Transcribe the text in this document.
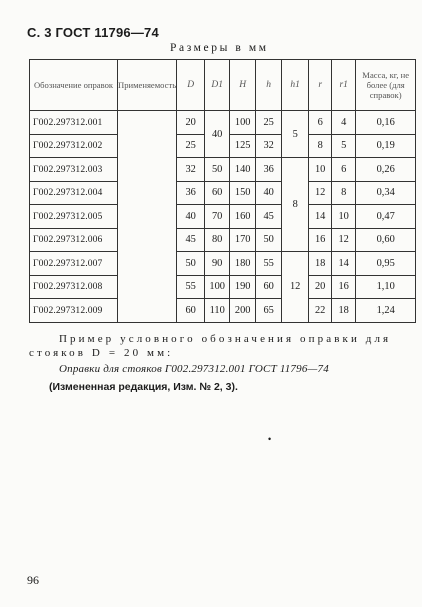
С. 3 ГОСТ 11796—74
Размеры в мм
Обозначение оправок	Применяемость	D	D1	H	h	h1	r	r1	Масса, кг, не более (для справок)
Г002.297312.001		20	40	100	25	5	6	4	0,16
Г002.297312.002		25		125	32		8	5	0,19
Г002.297312.003		32	50	140	36	8	10	6	0,26
Г002.297312.004		36	60	150	40		12	8	0,34
Г002.297312.005		40	70	160	45		14	10	0,47
Г002.297312.006		45	80	170	50		16	12	0,60
Г002.297312.007		50	90	180	55	12	18	14	0,95
Г002.297312.008		55	100	190	60		20	16	1,10
Г002.297312.009		60	110	200	65		22	18	1,24
Пример условного обозначения оправки для стояков D = 20 мм:
Оправки для стояков Г002.297312.001 ГОСТ 11796—74
(Измененная редакция, Изм. № 2, 3).
•
96
